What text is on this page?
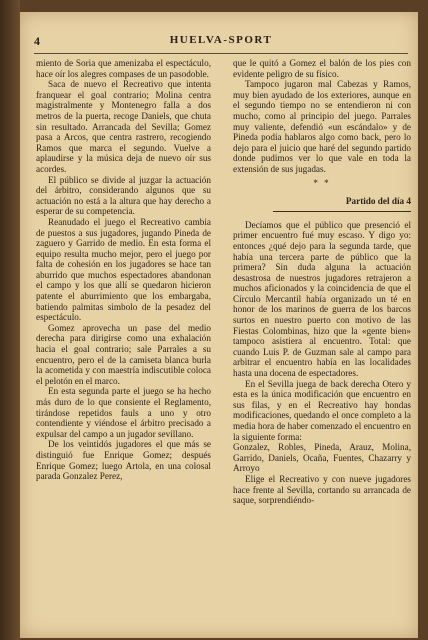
4	HUELVA-SPORT

miento de Soria que amenizaba el espectáculo, hace oír los alegres compases de un pasodoble.

Saca de nuevo el Recreativo que intenta franquear el goal contrario; Molina centra magistralmente y Montenegro falla a dos metros de la puerta, recoge Daniels, que chuta sin resultado. Arrancada del Sevilla; Gomez pasa a Arcos, que centra rastrero, recogiendo Ramos que marca el segundo. Vuelve a aplaudirse y la música deja de nuevo oír sus acordes.

El público se divide al juzgar la actuación del árbitro, considerando algunos que su actuación no está a la altura que hay derecho a esperar de su competencia.

Reanudado el juego el Recreativo cambia de puestos a sus jugadores, jugando Pineda de zaguero y Garrido de medio. En esta forma el equipo resulta mucho mejor, pero el juego por falta de cohesión en los jugadores se hace tan aburrido que muchos espectadores abandonan el campo y los que allí se quedaron hicieron patente el aburrimiento que los embargaba, batiendo palmitas simbolo de la pesadez del espectáculo.

Gomez aprovecha un pase del medio derecha para dirigirse como una exhalación hacia el goal contrario; sale Parrales a su encuentro, pero el de la camiseta blanca burla la acometida y con maestría indiscutible coloca el pelotón en el marco.

En esta segunda parte el juego se ha hecho más duro de lo que consiente el Reglamento, tirándose repetidos fauls a uno y otro contendiente y viéndose el árbitro precisado a expulsar del campo a un jugador sevillano.

De los veintidós jugadores el que más se distinguió fue Enrique Gomez; después Enrique Gomez; luego Artola, en una colosal parada Gonzalez Perez,

que le quitó a Gomez el balón de los pies con evidente peligro de su físico.

Tampoco jugaron mal Cabezas y Ramos, muy bien ayudado de los exteriores, aunque en el segundo tiempo no se entendieron ni con mucho, como al principio del juego. Parrales muy valiente, defendió «un escándalo» y de Pineda podía hablaros algo como back, pero lo dejo para el juicio que haré del segundo partido donde pudimos ver lo que vale en toda la extensión de sus jugadas.

* *
Partido del día 4

Decíamos que el público que presenció el primer encuentro fué muy escaso. Y digo yo: entonces ¿qué dejo para la segunda tarde, que había una tercera parte de público que la primera? Sin duda alguna la actuación desastrosa de nuestros jugadores retrajeron a muchos aficionados y la coincidencia de que el Círculo Mercantil había organizado un té en honor de los marinos de guerra de los barcos surtos en nuestro puerto con motivo de las Fiestas Colombinas, hizo que la «gente bien» tampoco asistiera al encuentro. Total: que cuando Luis P. de Guzman sale al campo para arbitrar el encuentro había en las localidades hasta una docena de espectadores.

En el Sevilla juega de back derecha Otero y esta es la única modificación que encuentro en sus filas, y en el Recreativo hay hondas modificaciones, quedando el once completo a la media hora de haber comenzado el encuentro en la siguiente forma:

Gonzalez, Robles, Pineda, Arauz, Molina, Garrido, Daniels, Ocaña, Fuentes, Chazarry y Arroyo

Elige el Recreativo y con nueve jugadores hace frente al Sevilla, cortando su arrancada de saque, sorprendiéndo-
